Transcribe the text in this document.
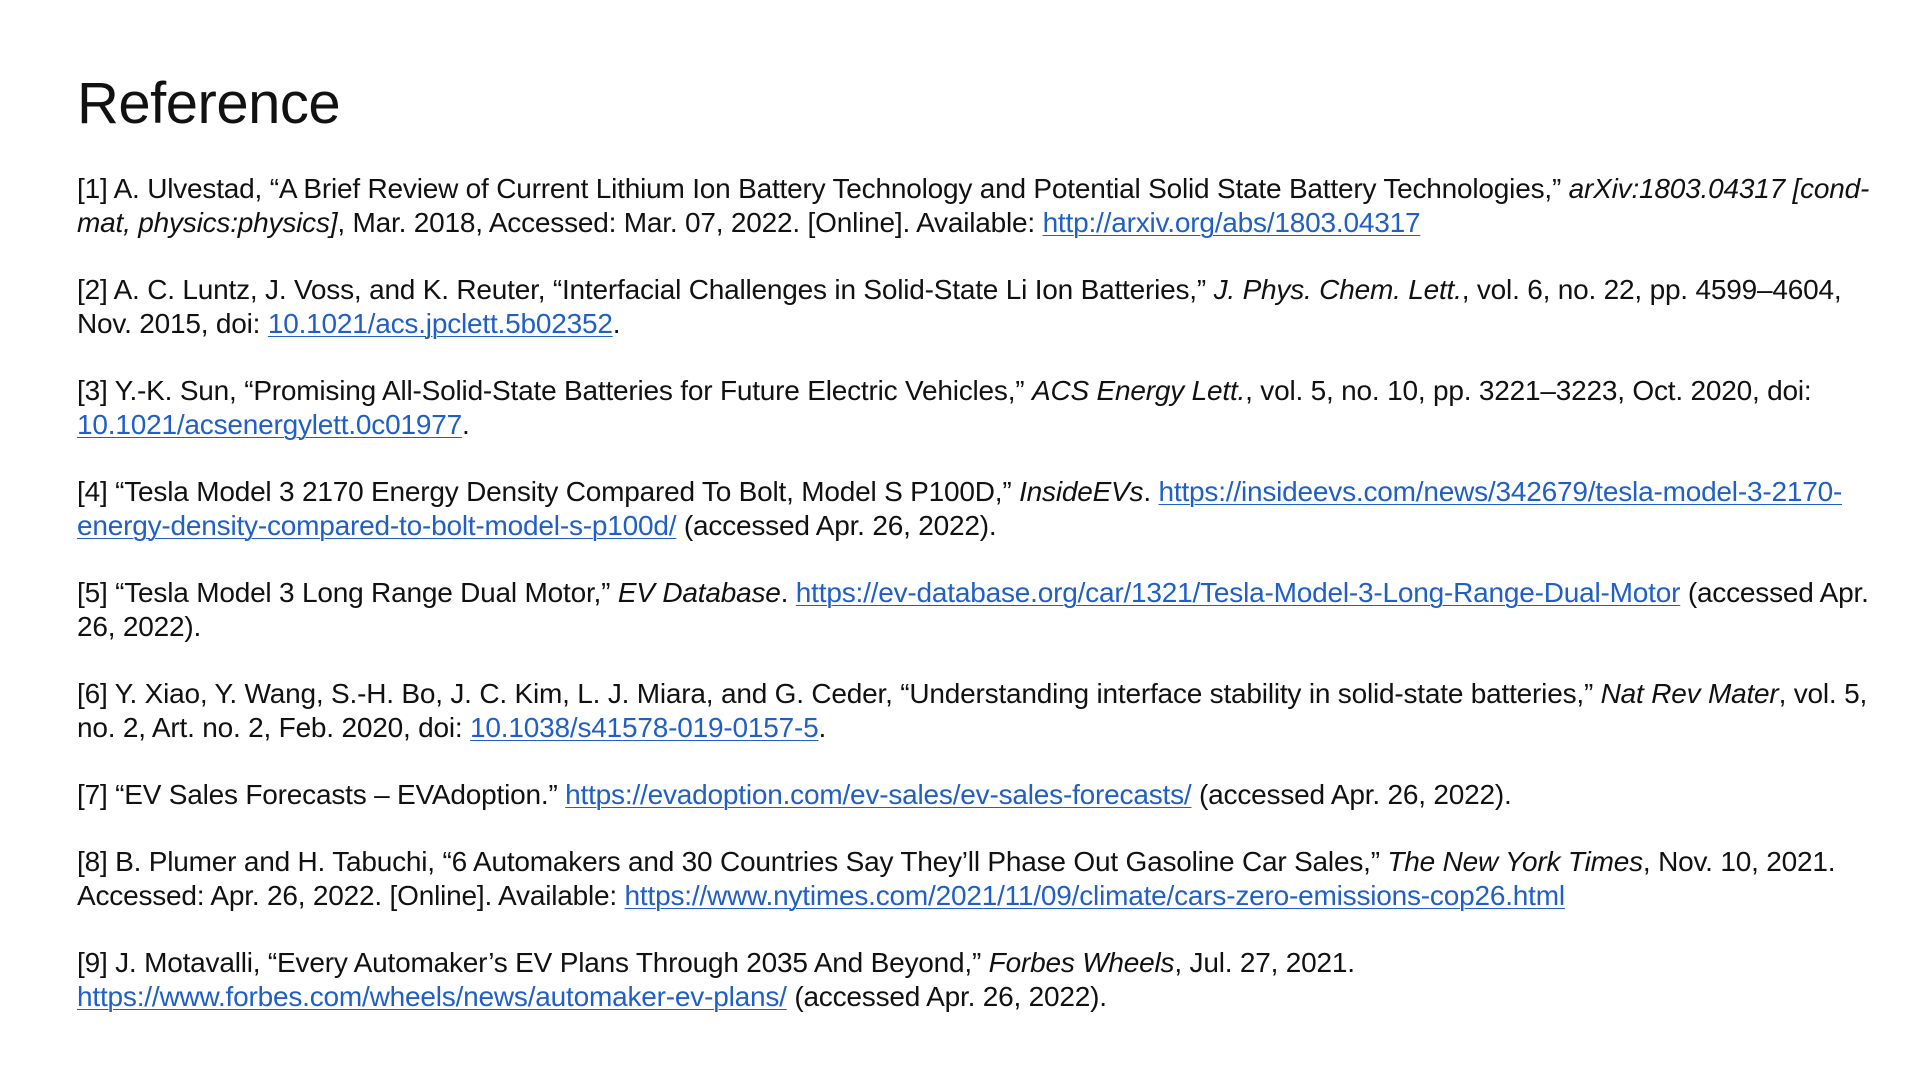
Reference
[1] A. Ulvestad, “A Brief Review of Current Lithium Ion Battery Technology and Potential Solid State Battery Technologies,” arXiv:1803.04317 [cond-mat, physics:physics], Mar. 2018, Accessed: Mar. 07, 2022. [Online]. Available: http://arxiv.org/abs/1803.04317
[2] A. C. Luntz, J. Voss, and K. Reuter, “Interfacial Challenges in Solid-State Li Ion Batteries,” J. Phys. Chem. Lett., vol. 6, no. 22, pp. 4599–4604, Nov. 2015, doi: 10.1021/acs.jpclett.5b02352.
[3] Y.-K. Sun, “Promising All-Solid-State Batteries for Future Electric Vehicles,” ACS Energy Lett., vol. 5, no. 10, pp. 3221–3223, Oct. 2020, doi: 10.1021/acsenergylett.0c01977.
[4] “Tesla Model 3 2170 Energy Density Compared To Bolt, Model S P100D,” InsideEVs. https://insideevs.com/news/342679/tesla-model-3-2170-energy-density-compared-to-bolt-model-s-p100d/ (accessed Apr. 26, 2022).
[5] “Tesla Model 3 Long Range Dual Motor,” EV Database. https://ev-database.org/car/1321/Tesla-Model-3-Long-Range-Dual-Motor (accessed Apr. 26, 2022).
[6] Y. Xiao, Y. Wang, S.-H. Bo, J. C. Kim, L. J. Miara, and G. Ceder, “Understanding interface stability in solid-state batteries,” Nat Rev Mater, vol. 5, no. 2, Art. no. 2, Feb. 2020, doi: 10.1038/s41578-019-0157-5.
[7] “EV Sales Forecasts – EVAdoption.” https://evadoption.com/ev-sales/ev-sales-forecasts/ (accessed Apr. 26, 2022).
[8] B. Plumer and H. Tabuchi, “6 Automakers and 30 Countries Say They’ll Phase Out Gasoline Car Sales,” The New York Times, Nov. 10, 2021. Accessed: Apr. 26, 2022. [Online]. Available: https://www.nytimes.com/2021/11/09/climate/cars-zero-emissions-cop26.html
[9] J. Motavalli, “Every Automaker’s EV Plans Through 2035 And Beyond,” Forbes Wheels, Jul. 27, 2021. https://www.forbes.com/wheels/news/automaker-ev-plans/ (accessed Apr. 26, 2022).
